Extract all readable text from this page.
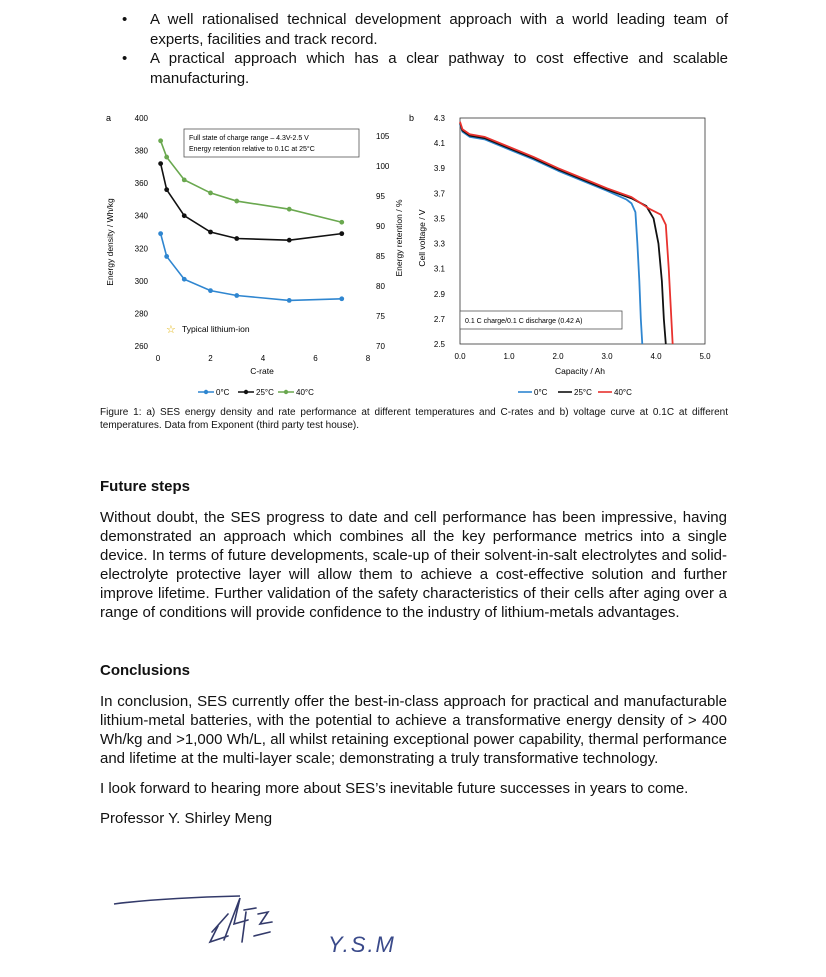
• A well rationalised technical development approach with a world leading team of experts, facilities and track record.
• A practical approach which has a clear pathway to cost effective and scalable manufacturing.
a
260
280
300
320
340
360
380
400
70
75
80
85
90
95
100
105
0	2	4	6	8
Energy density / Wh/kg	Energy retention / %
C-rate
Full state of charge range – 4.3V-2.5 V
Energy retention relative to 0.1C at 25°C
☆ Typical lithium-ion
0°C	25°C	40°C
b
2.5
2.7
2.9
3.1
3.3
3.5
3.7
3.9
4.1
4.3
0.0	1.0	2.0	3.0	4.0	5.0
Cell voltage / V
Capacity / Ah
0.1 C charge/0.1 C discharge (0.42 A)
0°C	25°C	40°C
Figure 1: a) SES energy density and rate performance at different temperatures and C-rates and b) voltage curve at 0.1C at different temperatures. Data from Exponent (third party test house).
Future steps

Without doubt, the SES progress to date and cell performance has been impressive, having demonstrated an approach which combines all the key performance metrics into a single device. In terms of future developments, scale-up of their solvent-in-salt electrolytes and solid-electrolyte protective layer will allow them to achieve a cost-effective solution and further improve lifetime. Further validation of the safety characteristics of their cells after aging over a range of conditions will provide confidence to the industry of lithium-metals advantages.

Conclusions

In conclusion, SES currently offer the best-in-class approach for practical and manufacturable lithium-metal batteries, with the potential to achieve a transformative energy density of > 400 Wh/kg and >1,000 Wh/L, all whilst retaining exceptional power capability, thermal performance and lifetime at the multi-layer scale; demonstrating a truly transformative technology.

I look forward to hearing more about SES’s inevitable future successes in years to come.

Professor Y. Shirley Meng

Y.S.M
